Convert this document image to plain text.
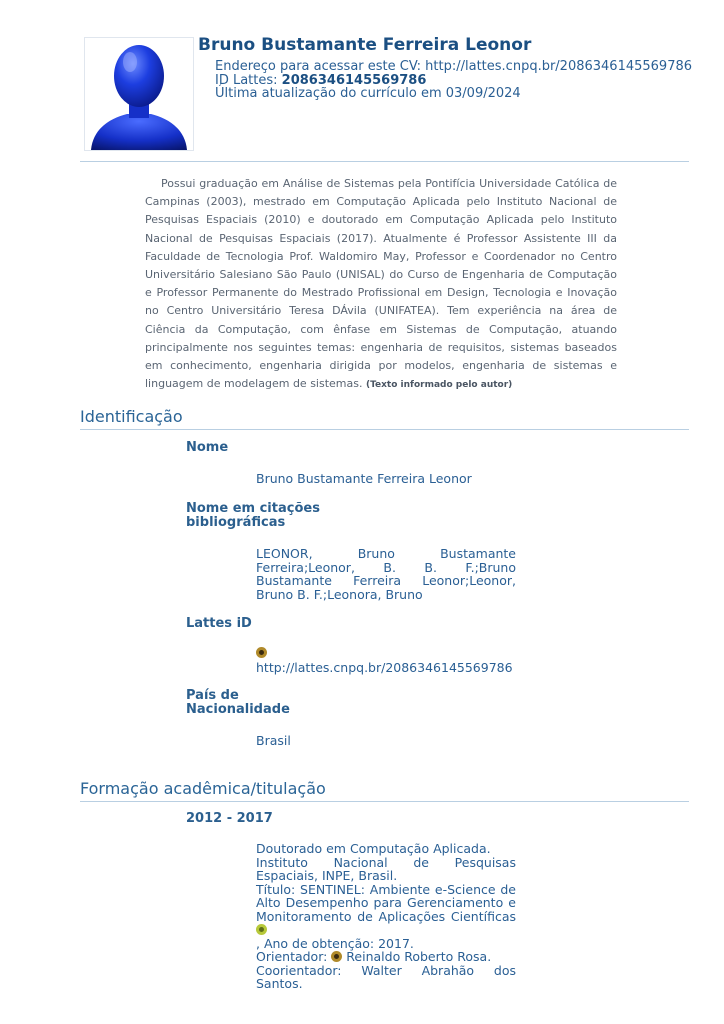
Bruno Bustamante Ferreira Leonor
Endereço para acessar este CV: http://lattes.cnpq.br/2086346145569786
ID Lattes: 2086346145569786
Última atualização do currículo em 03/09/2024

Possui graduação em Análise de Sistemas pela Pontifícia Universidade Católica de Campinas (2003), mestrado em Computação Aplicada pelo Instituto Nacional de Pesquisas Espaciais (2010) e doutorado em Computação Aplicada pelo Instituto Nacional de Pesquisas Espaciais (2017). Atualmente é Professor Assistente III da Faculdade de Tecnologia Prof. Waldomiro May, Professor e Coordenador no Centro Universitário Salesiano São Paulo (UNISAL) do Curso de Engenharia de Computação e Professor Permanente do Mestrado Profissional em Design, Tecnologia e Inovação no Centro Universitário Teresa DÁvila (UNIFATEA). Tem experiência na área de Ciência da Computação, com ênfase em Sistemas de Computação, atuando principalmente nos seguintes temas: engenharia de requisitos, sistemas baseados em conhecimento, engenharia dirigida por modelos, engenharia de sistemas e linguagem de modelagem de sistemas. (Texto informado pelo autor)

Identificação
Nome
Bruno Bustamante Ferreira Leonor
Nome em citações
bibliográficas
LEONOR, Bruno Bustamante Ferreira;Leonor, B. B. F.;Bruno Bustamante Ferreira Leonor;Leonor, Bruno B. F.;Leonora, Bruno
Lattes iD
http://lattes.cnpq.br/2086346145569786
País de
Nacionalidade
Brasil
Formação acadêmica/titulação
2012 - 2017
Doutorado em Computação Aplicada.
Instituto Nacional de Pesquisas Espaciais, INPE, Brasil.
Título: SENTINEL: Ambiente e-Science de Alto Desempenho para Gerenciamento e Monitoramento de Aplicações Científicas
, Ano de obtenção: 2017.
Orientador:  Reinaldo Roberto Rosa.
Coorientador: Walter Abrahão dos Santos.
